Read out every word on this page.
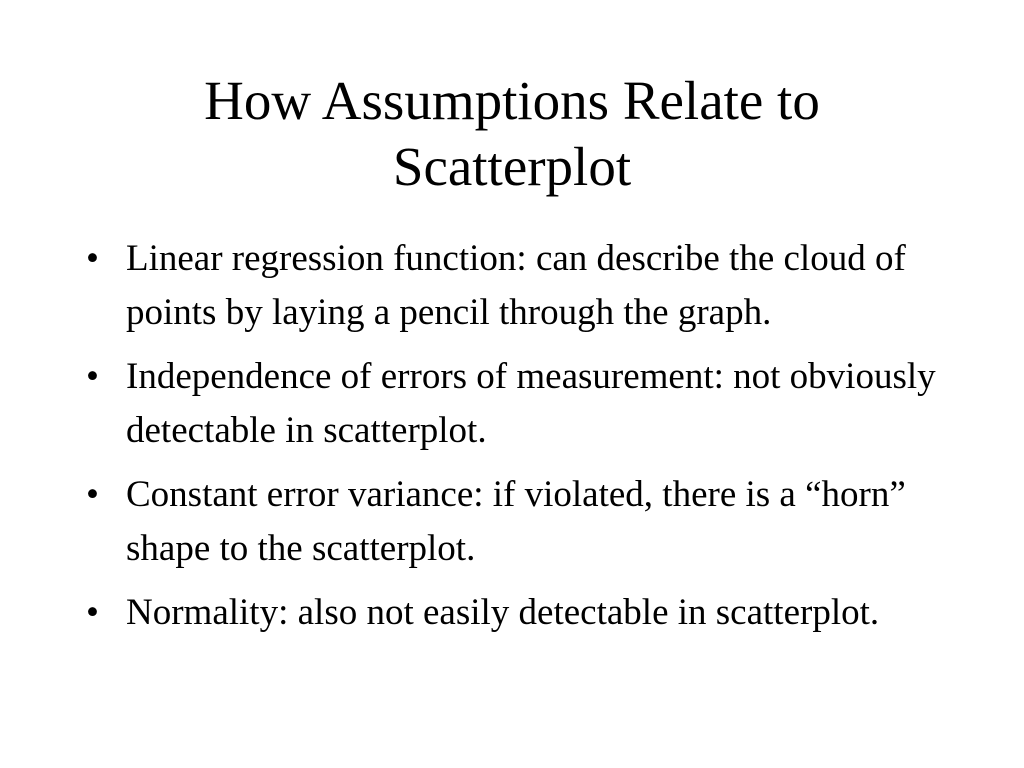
How Assumptions Relate to Scatterplot
• Linear regression function: can describe the cloud of points by laying a pencil through the graph.
• Independence of errors of measurement: not obviously detectable in scatterplot.
• Constant error variance: if violated, there is a “horn” shape to the scatterplot.
• Normality: also not easily detectable in scatterplot.
